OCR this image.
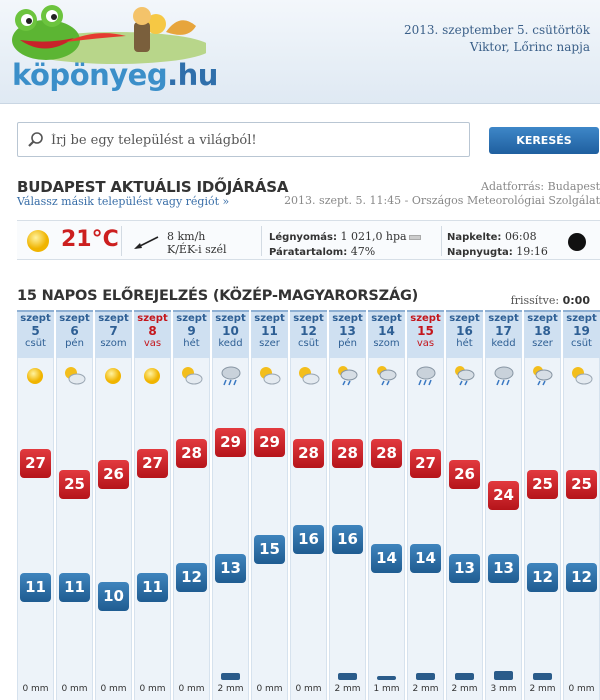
köpönyeg.hu
2013. szeptember 5. csütörtök
Viktor, Lőrinc napja
Írj be egy települést a világból!
KERESÉS
BUDAPEST AKTUÁLIS IDŐJÁRÁSA
Válassz másik települést vagy régiót »
Adatforrás: Budapest
2013. szept. 5. 11:45 - Országos Meteorológiai Szolgálat
21°C	8 km/h
K/ÉK-i szél
Légnyomás: 1 021,0 hpa
Páratartalom: 47%
Napkelte: 06:08
Napnyugta: 19:16
15 NAPOS ELŐREJELZÉS (KÖZÉP-MAGYARORSZÁG)	frissítve: 0:00
szept
5
csüt
27
11
0 mm
szept
6
pén
25
11
0 mm
szept
7
szom
26
10
0 mm
szept
8
vas
27
11
0 mm
szept
9
hét
28
12
0 mm
szept
10
kedd
29
13
2 mm
szept
11
szer
29
15
0 mm
szept
12
csüt
28
16
0 mm
szept
13
pén
28
16
2 mm
szept
14
szom
28
14
1 mm
szept
15
vas
27
14
2 mm
szept
16
hét
26
13
2 mm
szept
17
kedd
24
13
3 mm
szept
18
szer
25
12
2 mm
szept
19
csüt
25
12
0 mm
